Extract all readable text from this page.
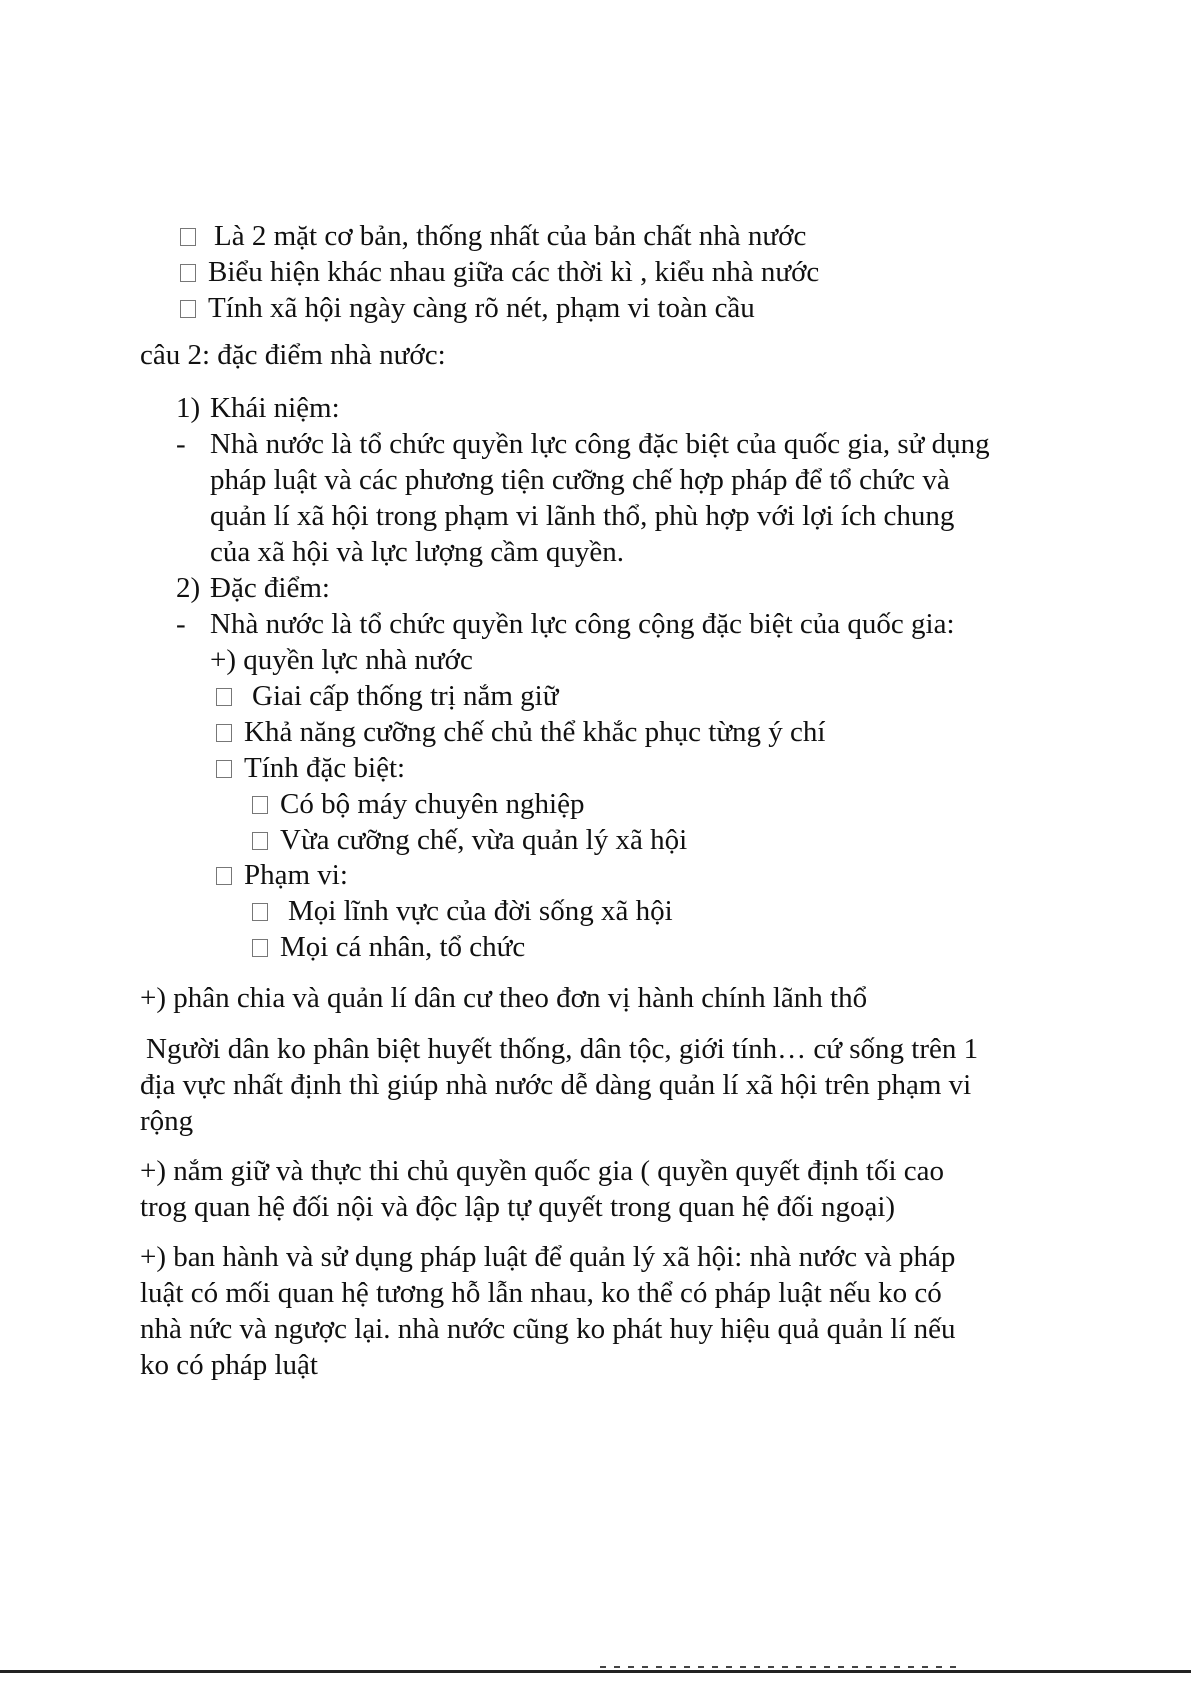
Là 2 mặt cơ bản, thống nhất của bản chất nhà nước
Biểu hiện khác nhau giữa các thời kì , kiểu nhà nước
Tính xã hội ngày càng rõ nét, phạm vi toàn cầu
câu 2: đặc điểm nhà nước:
1) Khái niệm:
- Nhà nước là tổ chức quyền lực công đặc biệt của quốc gia, sử dụng
pháp luật và các phương tiện cưỡng chế hợp pháp để tổ chức và
quản lí xã hội trong phạm vi lãnh thổ, phù hợp với lợi ích chung
của xã hội và lực lượng cầm quyền.
2) Đặc điểm:
- Nhà nước là tổ chức quyền lực công cộng đặc biệt của quốc gia:
+) quyền lực nhà nước
Giai cấp thống trị nắm giữ
Khả năng cưỡng chế chủ thể khắc phục từng ý chí
Tính đặc biệt:
Có bộ máy chuyên nghiệp
Vừa cưỡng chế, vừa quản lý xã hội
Phạm vi:
Mọi lĩnh vực của đời sống xã hội
Mọi cá nhân, tổ chức
+) phân chia và quản lí dân cư theo đơn vị hành chính lãnh thổ
Người dân ko phân biệt huyết thống, dân tộc, giới tính… cứ sống trên 1
địa vực nhất định thì giúp nhà nước dễ dàng quản lí xã hội trên phạm vi
rộng
+) nắm giữ và thực thi chủ quyền quốc gia ( quyền quyết định tối cao
trog quan hệ đối nội và độc lập tự quyết trong quan hệ đối ngoại)
+) ban hành và sử dụng pháp luật để quản lý xã hội: nhà nước và pháp
luật có mối quan hệ tương hỗ lẫn nhau, ko thể có pháp luật nếu ko có
nhà nức và ngược lại. nhà nước cũng ko phát huy hiệu quả quản lí nếu
ko có pháp luật
